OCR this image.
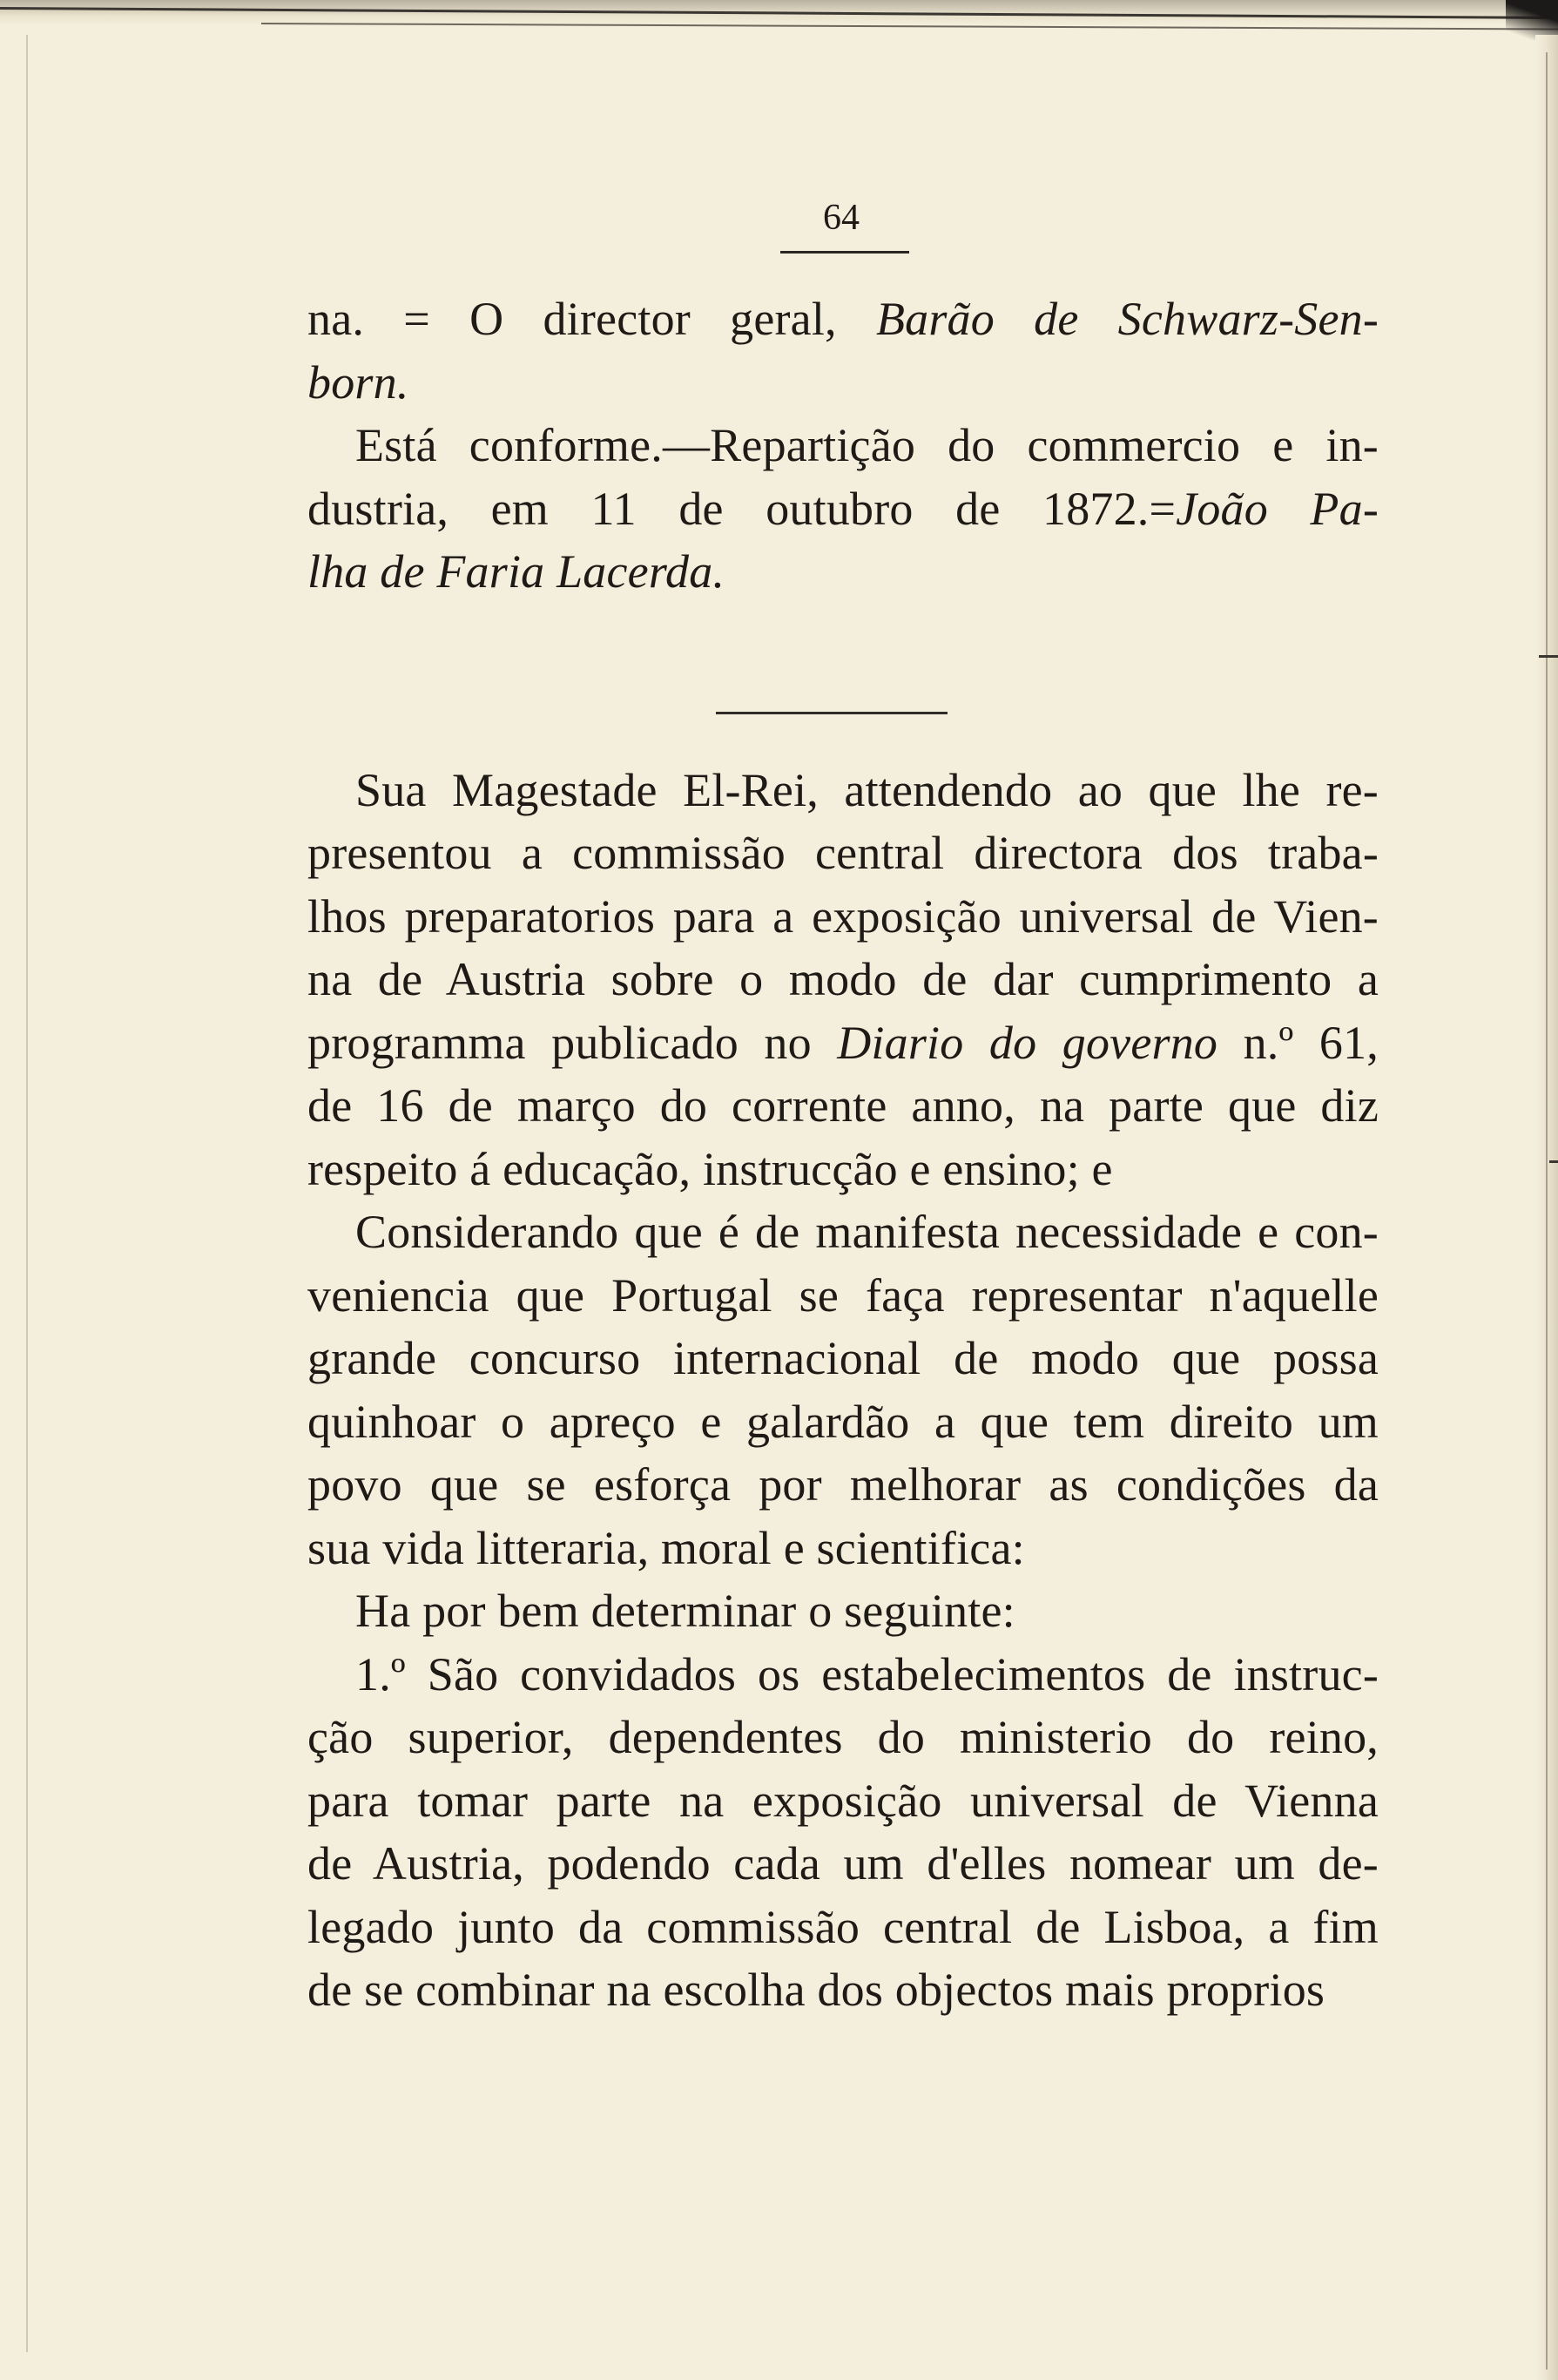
64
na. = O director geral, Barão de Schwarz-Sen-
born.
Está conforme.—Repartição do commercio e in-
dustria, em 11 de outubro de 1872.=João Pa-
lha de Faria Lacerda.
Sua Magestade El-Rei, attendendo ao que lhe re-
presentou a commissão central directora dos traba-
lhos preparatorios para a exposição universal de Vien-
na de Austria sobre o modo de dar cumprimento a
programma publicado no Diario do governo n.º 61,
de 16 de março do corrente anno, na parte que diz
respeito á educação, instrucção e ensino; e
Considerando que é de manifesta necessidade e con-
veniencia que Portugal se faça representar n'aquelle
grande concurso internacional de modo que possa
quinhoar o apreço e galardão a que tem direito um
povo que se esforça por melhorar as condições da
sua vida litteraria, moral e scientifica:
Ha por bem determinar o seguinte:
1.º São convidados os estabelecimentos de instruc-
ção superior, dependentes do ministerio do reino,
para tomar parte na exposição universal de Vienna
de Austria, podendo cada um d'elles nomear um de-
legado junto da commissão central de Lisboa, a fim
de se combinar na escolha dos objectos mais proprios
